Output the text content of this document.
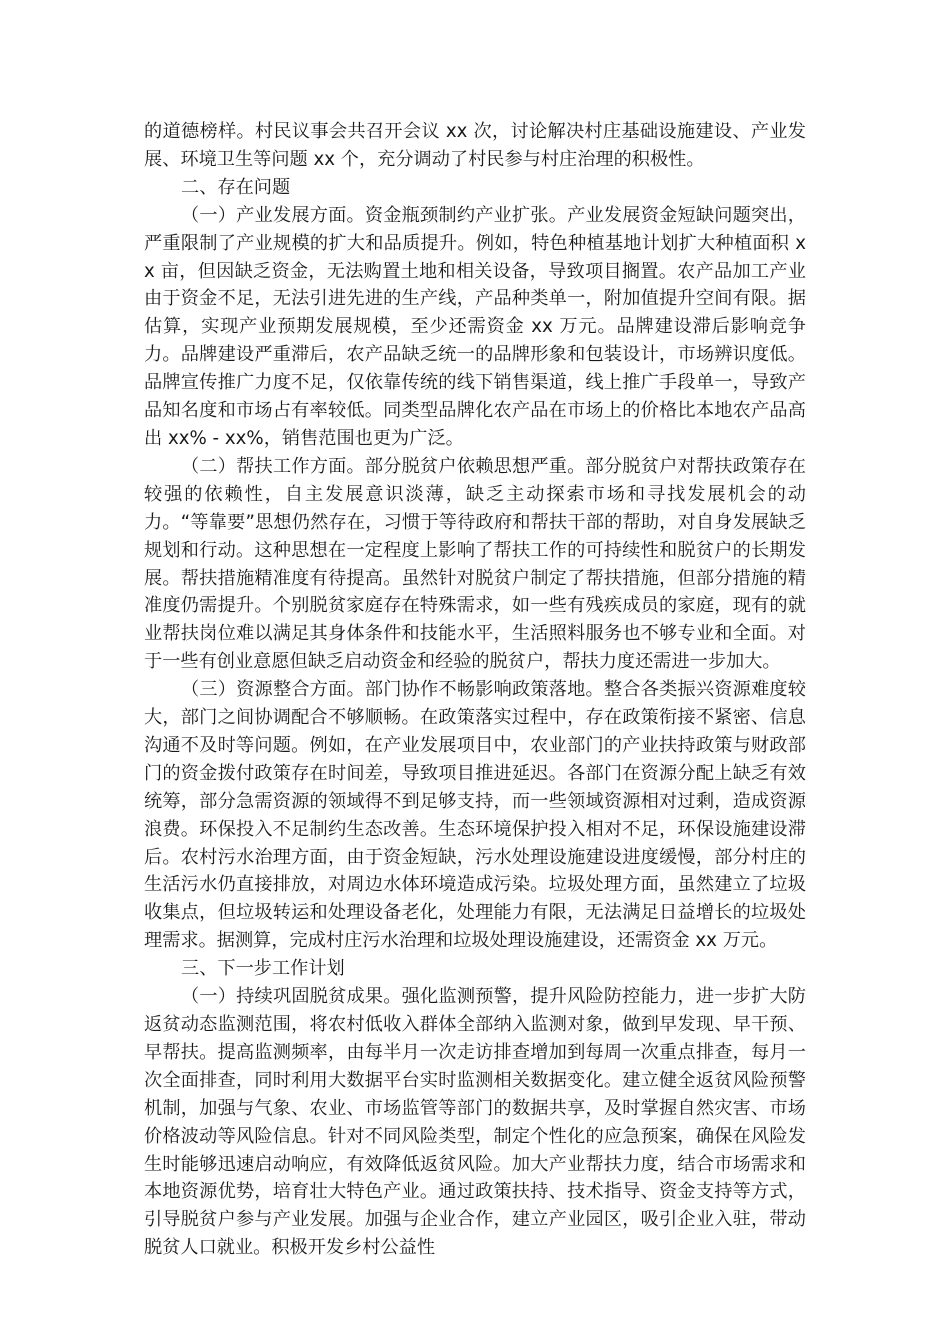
的道德榜样。村民议事会共召开会议 xx 次，讨论解决村庄基础设施建设、产业发展、环境卫生等问题 xx 个，充分调动了村民参与村庄治理的积极性。

二、存在问题

（一）产业发展方面。资金瓶颈制约产业扩张。产业发展资金短缺问题突出，严重限制了产业规模的扩大和品质提升。例如，特色种植基地计划扩大种植面积 xx 亩，但因缺乏资金，无法购置土地和相关设备，导致项目搁置。农产品加工产业由于资金不足，无法引进先进的生产线，产品种类单一，附加值提升空间有限。据估算，实现产业预期发展规模，至少还需资金 xx 万元。品牌建设滞后影响竞争力。品牌建设严重滞后，农产品缺乏统一的品牌形象和包装设计，市场辨识度低。品牌宣传推广力度不足，仅依靠传统的线下销售渠道，线上推广手段单一，导致产品知名度和市场占有率较低。同类型品牌化农产品在市场上的价格比本地农产品高出 xx% - xx%，销售范围也更为广泛。

（二）帮扶工作方面。部分脱贫户依赖思想严重。部分脱贫户对帮扶政策存在较强的依赖性，自主发展意识淡薄，缺乏主动探索市场和寻找发展机会的动力。“等靠要”思想仍然存在，习惯于等待政府和帮扶干部的帮助，对自身发展缺乏规划和行动。这种思想在一定程度上影响了帮扶工作的可持续性和脱贫户的长期发展。帮扶措施精准度有待提高。虽然针对脱贫户制定了帮扶措施，但部分措施的精准度仍需提升。个别脱贫家庭存在特殊需求，如一些有残疾成员的家庭，现有的就业帮扶岗位难以满足其身体条件和技能水平，生活照料服务也不够专业和全面。对于一些有创业意愿但缺乏启动资金和经验的脱贫户，帮扶力度还需进一步加大。

（三）资源整合方面。部门协作不畅影响政策落地。整合各类振兴资源难度较大，部门之间协调配合不够顺畅。在政策落实过程中，存在政策衔接不紧密、信息沟通不及时等问题。例如，在产业发展项目中，农业部门的产业扶持政策与财政部门的资金拨付政策存在时间差，导致项目推进延迟。各部门在资源分配上缺乏有效统筹，部分急需资源的领域得不到足够支持，而一些领域资源相对过剩，造成资源浪费。环保投入不足制约生态改善。生态环境保护投入相对不足，环保设施建设滞后。农村污水治理方面，由于资金短缺，污水处理设施建设进度缓慢，部分村庄的生活污水仍直接排放，对周边水体环境造成污染。垃圾处理方面，虽然建立了垃圾收集点，但垃圾转运和处理设备老化，处理能力有限，无法满足日益增长的垃圾处理需求。据测算，完成村庄污水治理和垃圾处理设施建设，还需资金 xx 万元。

三、下一步工作计划

（一）持续巩固脱贫成果。强化监测预警，提升风险防控能力，进一步扩大防返贫动态监测范围，将农村低收入群体全部纳入监测对象，做到早发现、早干预、早帮扶。提高监测频率，由每半月一次走访排查增加到每周一次重点排查，每月一次全面排查，同时利用大数据平台实时监测相关数据变化。建立健全返贫风险预警机制，加强与气象、农业、市场监管等部门的数据共享，及时掌握自然灾害、市场价格波动等风险信息。针对不同风险类型，制定个性化的应急预案，确保在风险发生时能够迅速启动响应，有效降低返贫风险。加大产业帮扶力度，结合市场需求和本地资源优势，培育壮大特色产业。通过政策扶持、技术指导、资金支持等方式，引导脱贫户参与产业发展。加强与企业合作，建立产业园区，吸引企业入驻，带动脱贫人口就业。积极开发乡村公益性
